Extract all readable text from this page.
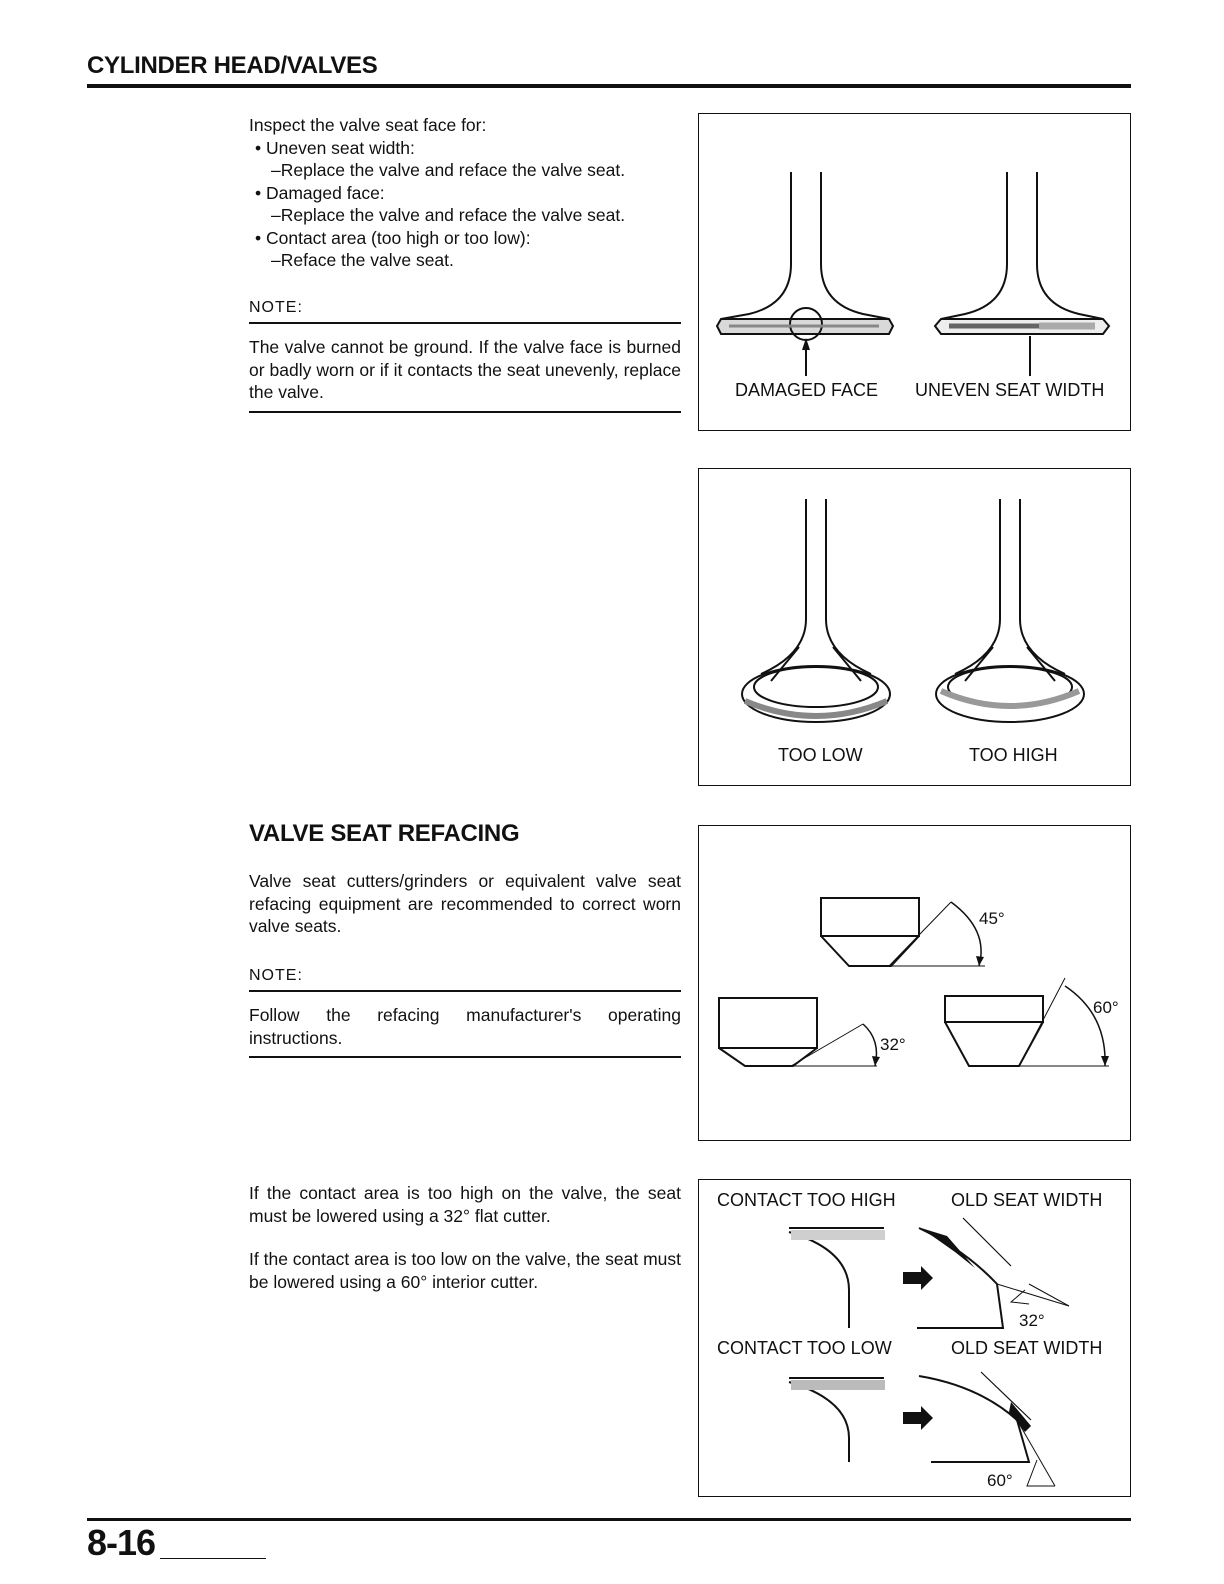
CYLINDER HEAD/VALVES

Inspect the valve seat face for:

• Uneven seat width:

–Replace the valve and reface the valve seat.

• Damaged face:

–Replace the valve and reface the valve seat.

• Contact area (too high or too low):

–Reface the valve seat.

NOTE:
The valve cannot be ground. If the valve face is burned or badly worn or if it contacts the seat unevenly, replace the valve.	DAMAGED FACE UNEVEN SEAT WIDTH
TOO LOW	TOO HIGH
VALVE SEAT REFACING
Valve seat cutters/grinders or equivalent valve seat refacing equipment are recommended to correct worn valve seats.
NOTE:
Follow the refacing manufacturer's operating instructions.
45°
32°
60°
If the contact area is too high on the valve, the seat must be lowered using a 32° flat cutter.
If the contact area is too low on the valve, the seat must be lowered using a 60° interior cutter.
CONTACT TOO HIGH	OLD SEAT WIDTH
32°
CONTACT TOO LOW	OLD SEAT WIDTH
60°
8-16
